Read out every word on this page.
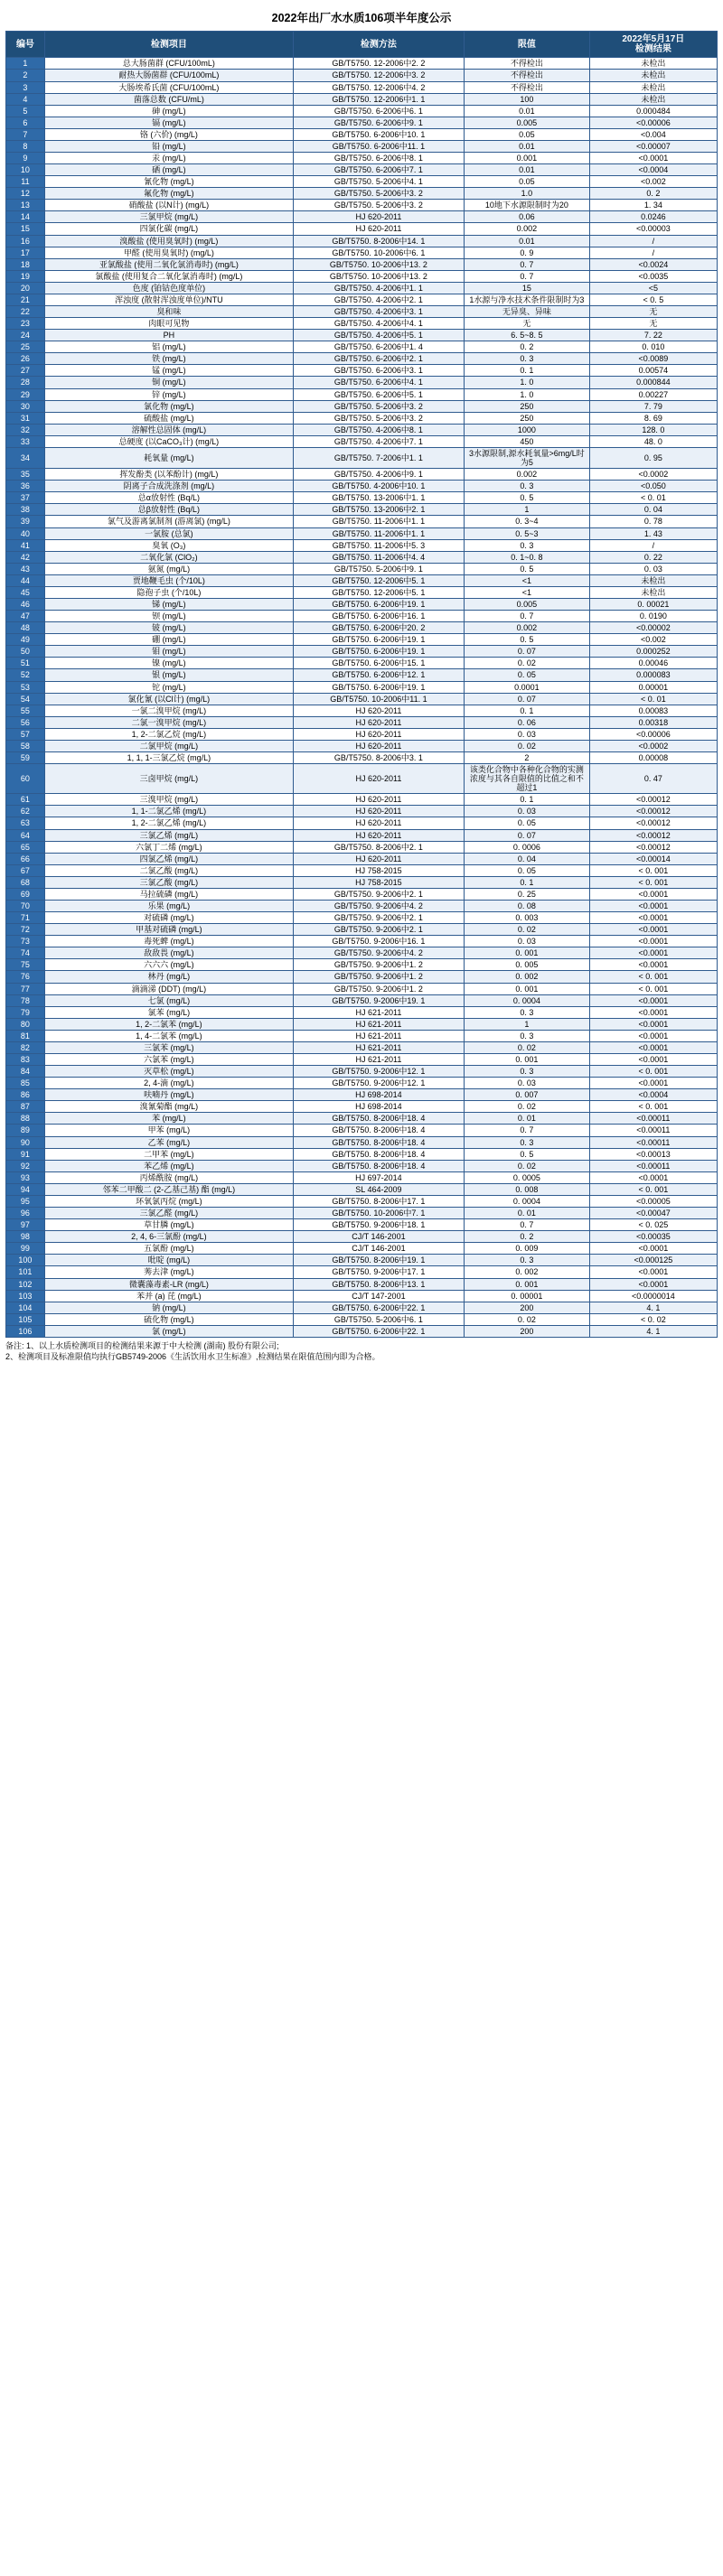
2022年出厂水水质106项半年度公示
编号	检测项目	检测方法	限值	2022年5月17日
检测结果

1	总大肠菌群 (CFU/100mL)	GB/T5750. 12-2006中2. 2	不得检出	未检出
2	耐热大肠菌群 (CFU/100mL)	GB/T5750. 12-2006中3. 2	不得检出	未检出
3	大肠埃希氏菌 (CFU/100mL)	GB/T5750. 12-2006中4. 2	不得检出	未检出
4	菌落总数 (CFU/mL)	GB/T5750. 12-2006中1. 1	100	未检出
5	砷 (mg/L)	GB/T5750. 6-2006中6. 1	0.01	0.000484
6	镉 (mg/L)	GB/T5750. 6-2006中9. 1	0.005	<0.00006
7	铬 (六价) (mg/L)	GB/T5750. 6-2006中10. 1	0.05	<0.004
8	铅 (mg/L)	GB/T5750. 6-2006中11. 1	0.01	<0.00007
9	汞 (mg/L)	GB/T5750. 6-2006中8. 1	0.001	<0.0001
10	硒 (mg/L)	GB/T5750. 6-2006中7. 1	0.01	<0.0004
11	氰化物 (mg/L)	GB/T5750. 5-2006中4. 1	0.05	<0.002
12	氟化物 (mg/L)	GB/T5750. 5-2006中3. 2	1.0	0. 2
13	硝酸盐 (以N计) (mg/L)	GB/T5750. 5-2006中3. 2	10地下水源限制时为20	1. 34
14	三氯甲烷 (mg/L)	HJ 620-2011	0.06	0.0246
15	四氯化碳 (mg/L)	HJ 620-2011	0.002	<0.00003
16	溴酸盐 (使用臭氧时) (mg/L)	GB/T5750. 8-2006中14. 1	0.01	/
17	甲醛 (使用臭氧时) (mg/L)	GB/T5750. 10-2006中6. 1	0. 9	/
18	亚氯酸盐 (使用二氧化氯消毒时) (mg/L)	GB/T5750. 10-2006中13. 2	0. 7	<0.0024
19	氯酸盐 (使用复合二氧化氯消毒时) (mg/L)	GB/T5750. 10-2006中13. 2	0. 7	<0.0035
20	色度 (铂钴色度单位)	GB/T5750. 4-2006中1. 1	15	<5
21	浑浊度 (散射浑浊度单位)/NTU	GB/T5750. 4-2006中2. 1	1水源与净水技术条件限制时为3	< 0. 5
22	臭和味	GB/T5750. 4-2006中3. 1	无异臭、异味	无
23	肉眼可见物	GB/T5750. 4-2006中4. 1	无	无
24	PH	GB/T5750. 4-2006中5. 1	6. 5~8. 5	7. 22
25	铝 (mg/L)	GB/T5750. 6-2006中1. 4	0. 2	0. 010
26	铁 (mg/L)	GB/T5750. 6-2006中2. 1	0. 3	<0.0089
27	锰 (mg/L)	GB/T5750. 6-2006中3. 1	0. 1	0.00574
28	铜 (mg/L)	GB/T5750. 6-2006中4. 1	1. 0	0.000844
29	锌 (mg/L)	GB/T5750. 6-2006中5. 1	1. 0	0.00227
30	氯化物 (mg/L)	GB/T5750. 5-2006中3. 2	250	7. 79
31	硫酸盐 (mg/L)	GB/T5750. 5-2006中3. 2	250	8. 69
32	溶解性总固体 (mg/L)	GB/T5750. 4-2006中8. 1	1000	128. 0
33	总硬度 (以CaCO₃计) (mg/L)	GB/T5750. 4-2006中7. 1	450	48. 0
34	耗氧量 (mg/L)	GB/T5750. 7-2006中1. 1	3水源限制,源水耗氧量>6mg/L时为5	0. 95
35	挥发酚类 (以苯酚计) (mg/L)	GB/T5750. 4-2006中9. 1	0.002	<0.0002
36	阴离子合成洗涤剂 (mg/L)	GB/T5750. 4-2006中10. 1	0. 3	<0.050
37	总α放射性 (Bq/L)	GB/T5750. 13-2006中1. 1	0. 5	< 0. 01
38	总β放射性 (Bq/L)	GB/T5750. 13-2006中2. 1	1	0. 04
39	氯气及游离氯制剂 (游离氯) (mg/L)	GB/T5750. 11-2006中1. 1	0. 3~4	0. 78
40	一氯胺 (总氯)	GB/T5750. 11-2006中1. 1	0. 5~3	1. 43
41	臭氧 (O₃)	GB/T5750. 11-2006中5. 3	0. 3	/
42	二氧化氯 (ClO₂)	GB/T5750. 11-2006中4. 4	0. 1~0. 8	0. 22
43	氨氮 (mg/L)	GB/T5750. 5-2006中9. 1	0. 5	0. 03
44	贾地鞭毛虫 (个/10L)	GB/T5750. 12-2006中5. 1	<1	未检出
45	隐孢子虫 (个/10L)	GB/T5750. 12-2006中5. 1	<1	未检出
46	锑 (mg/L)	GB/T5750. 6-2006中19. 1	0.005	0. 00021
47	钡 (mg/L)	GB/T5750. 6-2006中16. 1	0. 7	0. 0190
48	铍 (mg/L)	GB/T5750. 6-2006中20. 2	0.002	<0.00002
49	硼 (mg/L)	GB/T5750. 6-2006中19. 1	0. 5	<0.002
50	钼 (mg/L)	GB/T5750. 6-2006中19. 1	0. 07	0.000252
51	镍 (mg/L)	GB/T5750. 6-2006中15. 1	0. 02	0.00046
52	银 (mg/L)	GB/T5750. 6-2006中12. 1	0. 05	0.000083
53	铊 (mg/L)	GB/T5750. 6-2006中19. 1	0.0001	0.00001
54	氯化氰 (以Cl计) (mg/L)	GB/T5750. 10-2006中11. 1	0. 07	< 0. 01
55	一氯二溴甲烷 (mg/L)	HJ 620-2011	0. 1	0.00083
56	二氯一溴甲烷 (mg/L)	HJ 620-2011	0. 06	0.00318
57	1, 2-二氯乙烷 (mg/L)	HJ 620-2011	0. 03	<0.00006
58	二氯甲烷 (mg/L)	HJ 620-2011	0. 02	<0.0002
59	1, 1, 1-三氯乙烷 (mg/L)	GB/T5750. 8-2006中3. 1	2	0.00008
60	三卤甲烷 (mg/L)	HJ 620-2011	该类化合物中各种化合物的实测浓度与其各自限值的比值之和不超过1	0. 47
61	三溴甲烷 (mg/L)	HJ 620-2011	0. 1	<0.00012
62	1, 1-二氯乙烯 (mg/L)	HJ 620-2011	0. 03	<0.00012
63	1, 2-二氯乙烯 (mg/L)	HJ 620-2011	0. 05	<0.00012
64	三氯乙烯 (mg/L)	HJ 620-2011	0. 07	<0.00012
65	六氯丁二烯 (mg/L)	GB/T5750. 8-2006中2. 1	0. 0006	<0.00012
66	四氯乙烯 (mg/L)	HJ 620-2011	0. 04	<0.00014
67	二氯乙酸 (mg/L)	HJ 758-2015	0. 05	< 0. 001
68	三氯乙酸 (mg/L)	HJ 758-2015	0. 1	< 0. 001
69	马拉硫磷 (mg/L)	GB/T5750. 9-2006中2. 1	0. 25	<0.0001
70	乐果 (mg/L)	GB/T5750. 9-2006中4. 2	0. 08	<0.0001
71	对硫磷 (mg/L)	GB/T5750. 9-2006中2. 1	0. 003	<0.0001
72	甲基对硫磷 (mg/L)	GB/T5750. 9-2006中2. 1	0. 02	<0.0001
73	毒死蜱 (mg/L)	GB/T5750. 9-2006中16. 1	0. 03	<0.0001
74	敌敌畏 (mg/L)	GB/T5750. 9-2006中4. 2	0. 001	<0.0001
75	六六六 (mg/L)	GB/T5750. 9-2006中1. 2	0. 005	<0.0001
76	林丹 (mg/L)	GB/T5750. 9-2006中1. 2	0. 002	< 0. 001
77	滴滴涕 (DDT) (mg/L)	GB/T5750. 9-2006中1. 2	0. 001	< 0. 001
78	七氯 (mg/L)	GB/T5750. 9-2006中19. 1	0. 0004	<0.0001
79	氯苯 (mg/L)	HJ 621-2011	0. 3	<0.0001
80	1, 2-二氯苯 (mg/L)	HJ 621-2011	1	<0.0001
81	1, 4-二氯苯 (mg/L)	HJ 621-2011	0. 3	<0.0001
82	三氯苯 (mg/L)	HJ 621-2011	0. 02	<0.0001
83	六氯苯 (mg/L)	HJ 621-2011	0. 001	<0.0001
84	灭草松 (mg/L)	GB/T5750. 9-2006中12. 1	0. 3	< 0. 001
85	2, 4-滴 (mg/L)	GB/T5750. 9-2006中12. 1	0. 03	<0.0001
86	呋喃丹 (mg/L)	HJ 698-2014	0. 007	<0.0004
87	溴氰菊酯 (mg/L)	HJ 698-2014	0. 02	< 0. 001
88	苯 (mg/L)	GB/T5750. 8-2006中18. 4	0. 01	<0.00011
89	甲苯 (mg/L)	GB/T5750. 8-2006中18. 4	0. 7	<0.00011
90	乙苯 (mg/L)	GB/T5750. 8-2006中18. 4	0. 3	<0.00011
91	二甲苯 (mg/L)	GB/T5750. 8-2006中18. 4	0. 5	<0.00013
92	苯乙烯 (mg/L)	GB/T5750. 8-2006中18. 4	0. 02	<0.00011
93	丙烯酰胺 (mg/L)	HJ 697-2014	0. 0005	<0.0001
94	邻苯二甲酸二 (2-乙基己基) 酯 (mg/L)	SL 464-2009	0. 008	< 0. 001
95	环氧氯丙烷 (mg/L)	GB/T5750. 8-2006中17. 1	0. 0004	<0.00005
96	三氯乙醛 (mg/L)	GB/T5750. 10-2006中7. 1	0. 01	<0.00047
97	草甘膦 (mg/L)	GB/T5750. 9-2006中18. 1	0. 7	< 0. 025
98	2, 4, 6-三氯酚 (mg/L)	CJ/T 146-2001	0. 2	<0.00035
99	五氯酚 (mg/L)	CJ/T 146-2001	0. 009	<0.0001
100	吡啶 (mg/L)	GB/T5750. 8-2006中19. 1	0. 3	<0.000125
101	莠去津 (mg/L)	GB/T5750. 9-2006中17. 1	0. 002	<0.0001
102	微囊藻毒素-LR (mg/L)	GB/T5750. 8-2006中13. 1	0. 001	<0.0001
103	苯并 (a) 芘 (mg/L)	CJ/T 147-2001	0. 00001	<0.0000014
104	钠 (mg/L)	GB/T5750. 6-2006中22. 1	200	4. 1
105	硫化物 (mg/L)	GB/T5750. 5-2006中6. 1	0. 02	< 0. 02
106	氯 (mg/L)	GB/T5750. 6-2006中22. 1	200	4. 1
备注: 1、以上水质检测项目的检测结果来源于中大检测 (湖南) 股份有限公司;
2、检测项目及标准限值均执行GB5749-2006《生活饮用水卫生标准》,检测结果在限值范围内即为合格。
